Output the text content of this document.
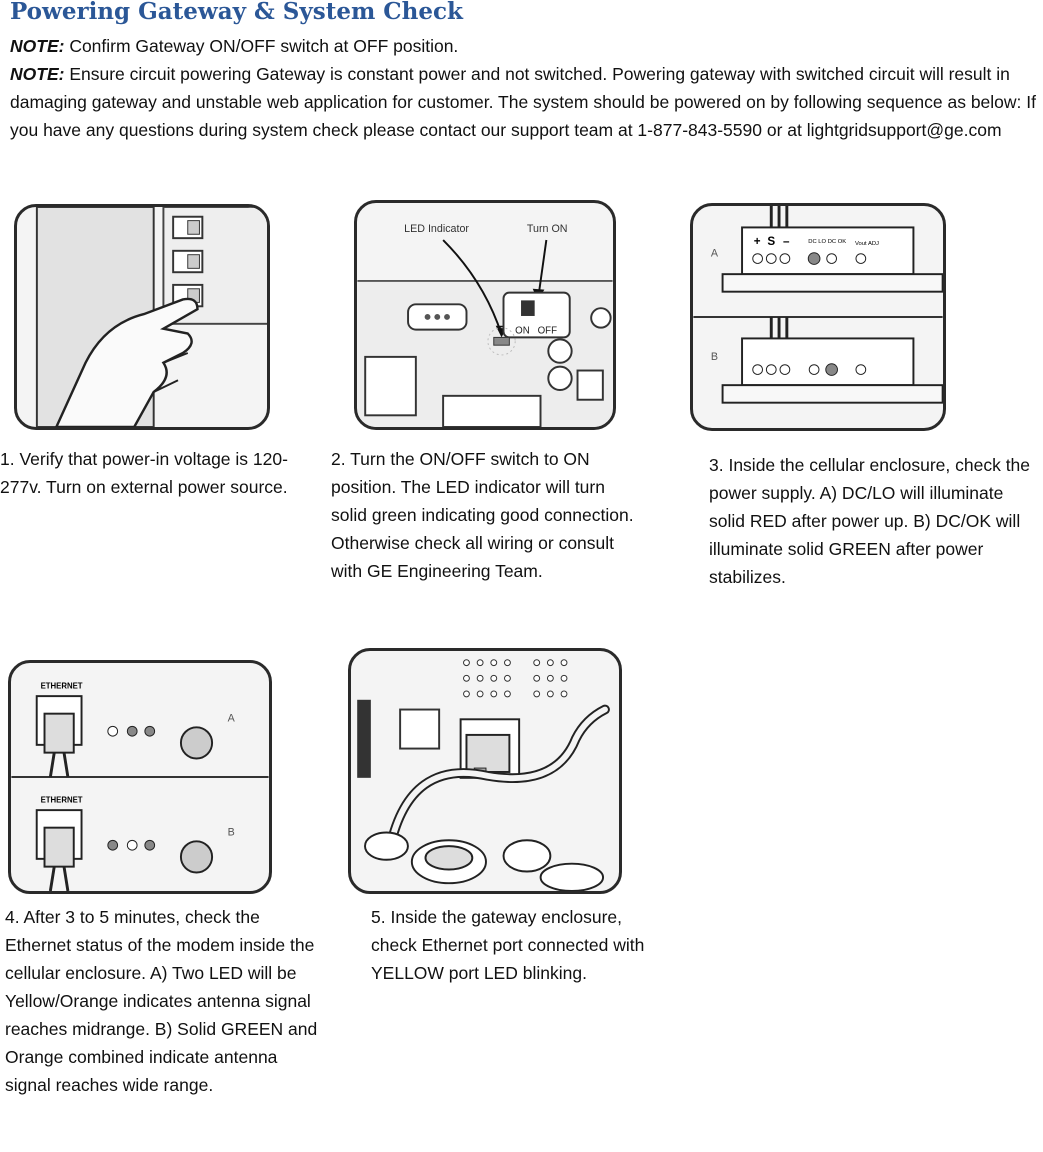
Powering Gateway & System Check
NOTE: Confirm Gateway ON/OFF switch at OFF position.
NOTE: Ensure circuit powering Gateway is constant power and not switched. Powering gateway with switched circuit will result in damaging gateway and unstable web application for customer. The system should be powered on by following sequence as below: If you have any questions during system check please contact our support team at 1-877-843-5590 or at lightgridsupport@ge.com
LED Indicator	Turn ON
ON OFF
A
B
+ S –	DC LO DC OK Vout ADJ
ETHERNET
A
ETHERNET
B
1. Verify that power-in voltage is 120-277v. Turn on external power source.
2. Turn the ON/OFF switch to ON position. The LED indicator will turn solid green indicating good connection. Otherwise check all wiring or consult with GE Engineering Team.
3. Inside the cellular enclosure, check the power supply. A) DC/LO will illuminate solid RED after power up. B) DC/OK will illuminate solid GREEN after power stabilizes.
4. After 3 to 5 minutes, check the Ethernet status of the modem inside the cellular enclosure. A) Two LED will be Yellow/Orange indicates antenna signal reaches midrange. B) Solid GREEN and Orange combined indicate antenna signal reaches wide range.
5. Inside the gateway enclosure, check Ethernet port connected with YELLOW port LED blinking.
